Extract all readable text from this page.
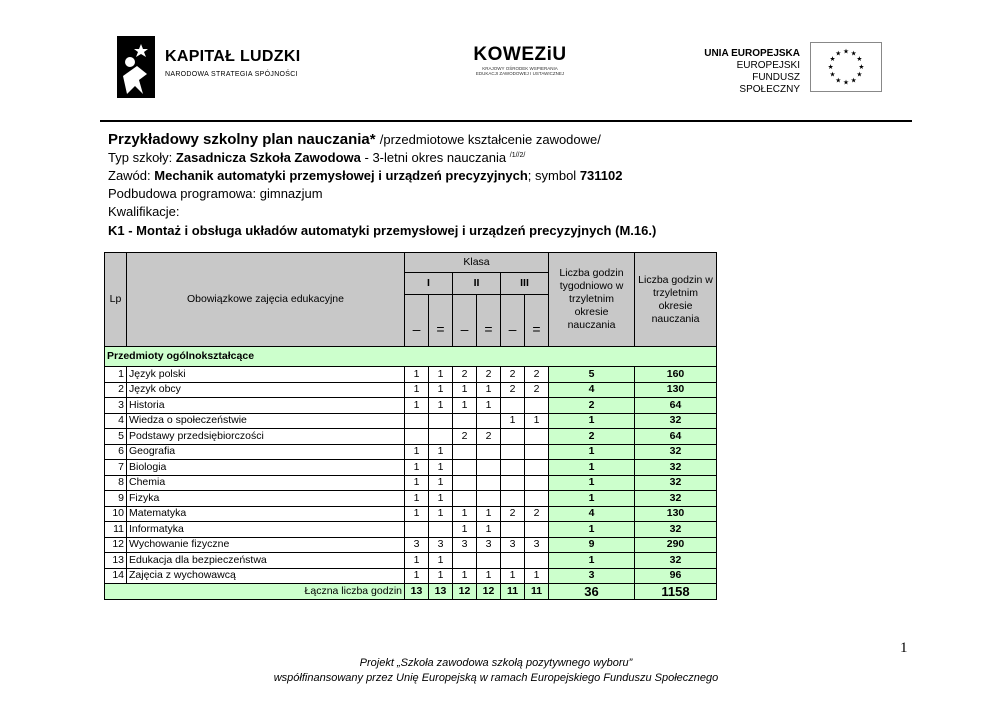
KAPITAŁ LUDZKI
NARODOWA STRATEGIA SPÓJNOŚCI
KOWEZiU
KRAJOWY OŚRODEK WSPIERANIA
EDUKACJI ZAWODOWEJ I USTAWICZNEJ
UNIA EUROPEJSKA
EUROPEJSKI
FUNDUSZ SPOŁECZNY
★ ★
★
★
★
★
★
★
★
★
★
★
Przykładowy szkolny plan nauczania* /przedmiotowe kształcenie zawodowe/
Typ szkoły: Zasadnicza Szkoła Zawodowa - 3-letni okres nauczania $^{/1//2/}$
Zawód: Mechanik automatyki przemysłowej i urządzeń precyzyjnych; symbol 731102
Podbudowa programowa: gimnazjum
Kwalifikacje:
K1 - Montaż i obsługa układów automatyki przemysłowej i urządzeń precyzyjnych (M.16.)
Lp	Obowiązkowe zajęcia edukacyjne	Klasa						Liczba godzin tygodniowo w trzyletnim okresie nauczania	Liczba godzin w trzyletnim okresie nauczania
		I		II		III			
		–	=	–	=	–	=		
Przedmioty ogólnokształcące									
1	Język polski	1	1	2	2	2	2	5	160
2	Język obcy	1	1	1	1	2	2	4	130
3	Historia	1	1	1	1			2	64
4	Wiedza o społeczeństwie					1	1	1	32
5	Podstawy przedsiębiorczości			2	2			2	64
6	Geografia	1	1					1	32
7	Biologia	1	1					1	32
8	Chemia	1	1					1	32
9	Fizyka	1	1					1	32
10	Matematyka	1	1	1	1	2	2	4	130
11	Informatyka			1	1			1	32
12	Wychowanie fizyczne	3	3	3	3	3	3	9	290
13	Edukacja dla bezpieczeństwa	1	1					1	32
14	Zajęcia z wychowawcą	1	1	1	1	1	1	3	96
Łączna liczba godzin		13	13	12	12	11	11	36	1158
1
Projekt „Szkoła zawodowa szkołą pozytywnego wyboru”
współfinansowany przez Unię Europejską w ramach Europejskiego Funduszu Społecznego
